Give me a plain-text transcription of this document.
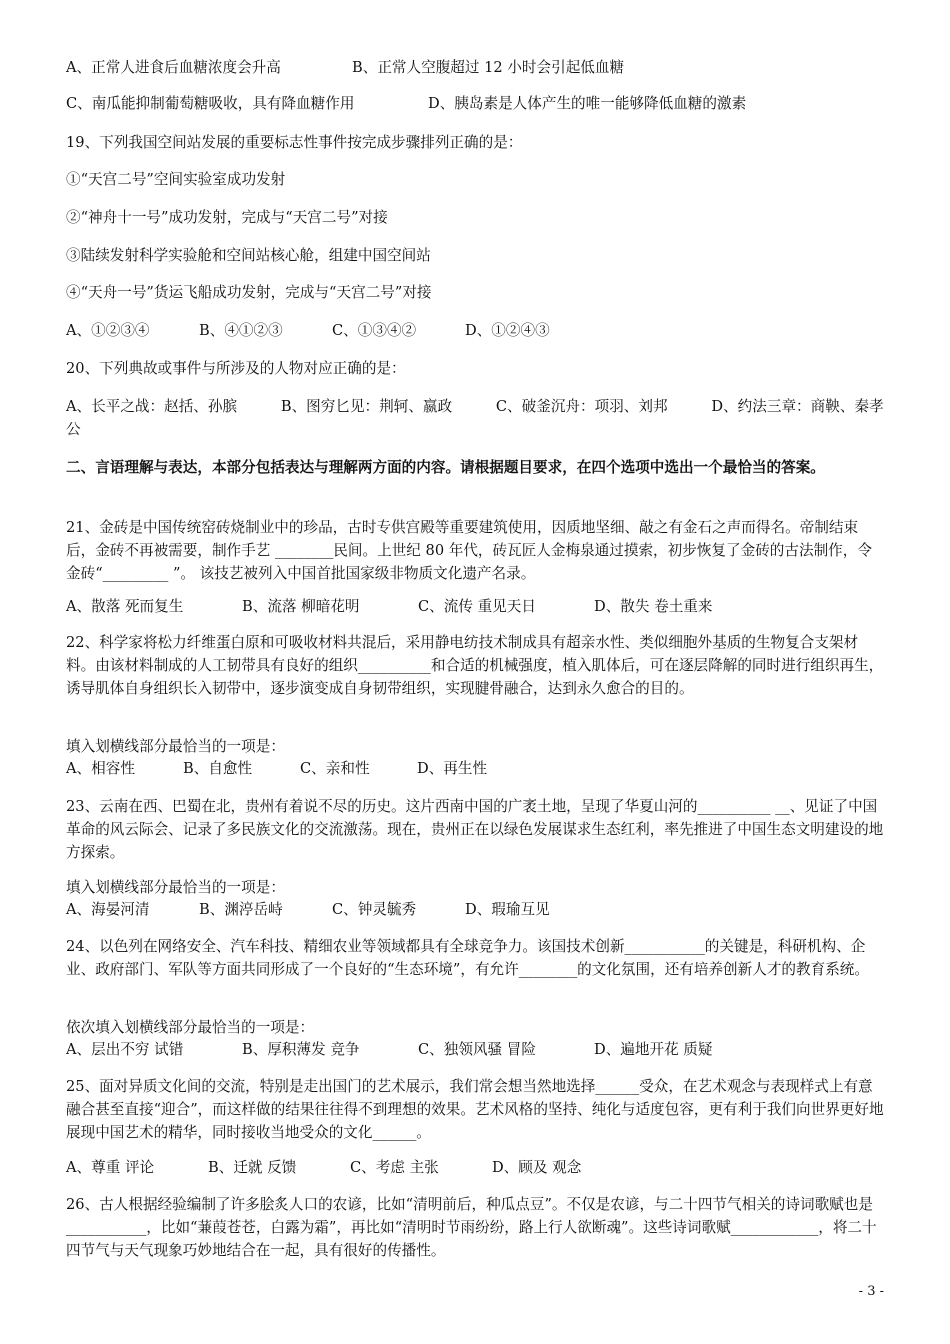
A、正常人进食后血糖浓度会升高	B、正常人空腹超过 12 小时会引起低血糖
C、南瓜能抑制葡萄糖吸收，具有降血糖作用	D、胰岛素是人体产生的唯一能够降低血糖的激素
19、下列我国空间站发展的重要标志性事件按完成步骤排列正确的是：
①“天宫二号”空间实验室成功发射
②“神舟十一号”成功发射，完成与“天宫二号”对接
③陆续发射科学实验舱和空间站核心舱，组建中国空间站
④“天舟一号”货运飞船成功发射，完成与“天宫二号”对接
A、①②③④	B、④①②③	C、①③④②	D、①②④③
20、下列典故或事件与所涉及的人物对应正确的是：
A、长平之战：赵括、孙膑　　　B、图穷匕见：荆轲、嬴政　　　C、破釜沉舟：项羽、刘邦　　　D、约法三章：商鞅、秦孝公
二、言语理解与表达，本部分包括表达与理解两方面的内容。请根据题目要求，在四个选项中选出一个最恰当的答案。
21、金砖是中国传统窑砖烧制业中的珍品，古时专供宫殿等重要建筑使用，因质地坚细、敲之有金石之声而得名。帝制结束后，金砖不再被需要，制作手艺 ________民间。上世纪 80 年代，砖瓦匠人金梅泉通过摸索，初步恢复了金砖的古法制作，令金砖“_________ ”。 该技艺被列入中国首批国家级非物质文化遗产名录。
A、散落 死而复生	B、流落 柳暗花明	C、流传 重见天日	D、散失 卷土重来
22、科学家将松力纤维蛋白原和可吸收材料共混后，采用静电纺技术制成具有超亲水性、类似细胞外基质的生物复合支架材料。由该材料制成的人工韧带具有良好的组织__________和合适的机械强度，植入肌体后，可在逐层降解的同时进行组织再生，诱导肌体自身组织长入韧带中，逐步演变成自身韧带组织，实现腱骨融合，达到永久愈合的目的。
填入划横线部分最恰当的一项是：
A、相容性	B、自愈性	C、亲和性	D、再生性
23、云南在西、巴蜀在北，贵州有着说不尽的历史。这片西南中国的广袤土地，呈现了华夏山河的__________ __、见证了中国革命的风云际会、记录了多民族文化的交流激荡。现在，贵州正在以绿色发展谋求生态红利，率先推进了中国生态文明建设的地方探索。
填入划横线部分最恰当的一项是：
A、海晏河清	B、渊渟岳峙	C、钟灵毓秀	D、瑕瑜互见
24、以色列在网络安全、汽车科技、精细农业等领域都具有全球竞争力。该国技术创新___________的关键是，科研机构、企业、政府部门、军队等方面共同形成了一个良好的“生态环境”，有允许________的文化氛围，还有培养创新人才的教育系统。
依次填入划横线部分最恰当的一项是：
A、层出不穷 试错	B、厚积薄发 竞争	C、独领风骚 冒险	D、遍地开花 质疑
25、面对异质文化间的交流，特别是走出国门的艺术展示，我们常会想当然地选择______受众，在艺术观念与表现样式上有意融合甚至直接“迎合”，而这样做的结果往往得不到理想的效果。艺术风格的坚持、纯化与适度包容，更有利于我们向世界更好地展现中国艺术的精华，同时接收当地受众的文化______。
A、尊重 评论	B、迁就 反馈	C、考虑 主张	D、顾及 观念
26、古人根据经验编制了许多脍炙人口的农谚，比如“清明前后，种瓜点豆”。不仅是农谚，与二十四节气相关的诗词歌赋也是___________，比如“蒹葭苍苍，白露为霜”，再比如“清明时节雨纷纷，路上行人欲断魂”。这些诗词歌赋____________，将二十四节气与天气现象巧妙地结合在一起，具有很好的传播性。
- 3 -
